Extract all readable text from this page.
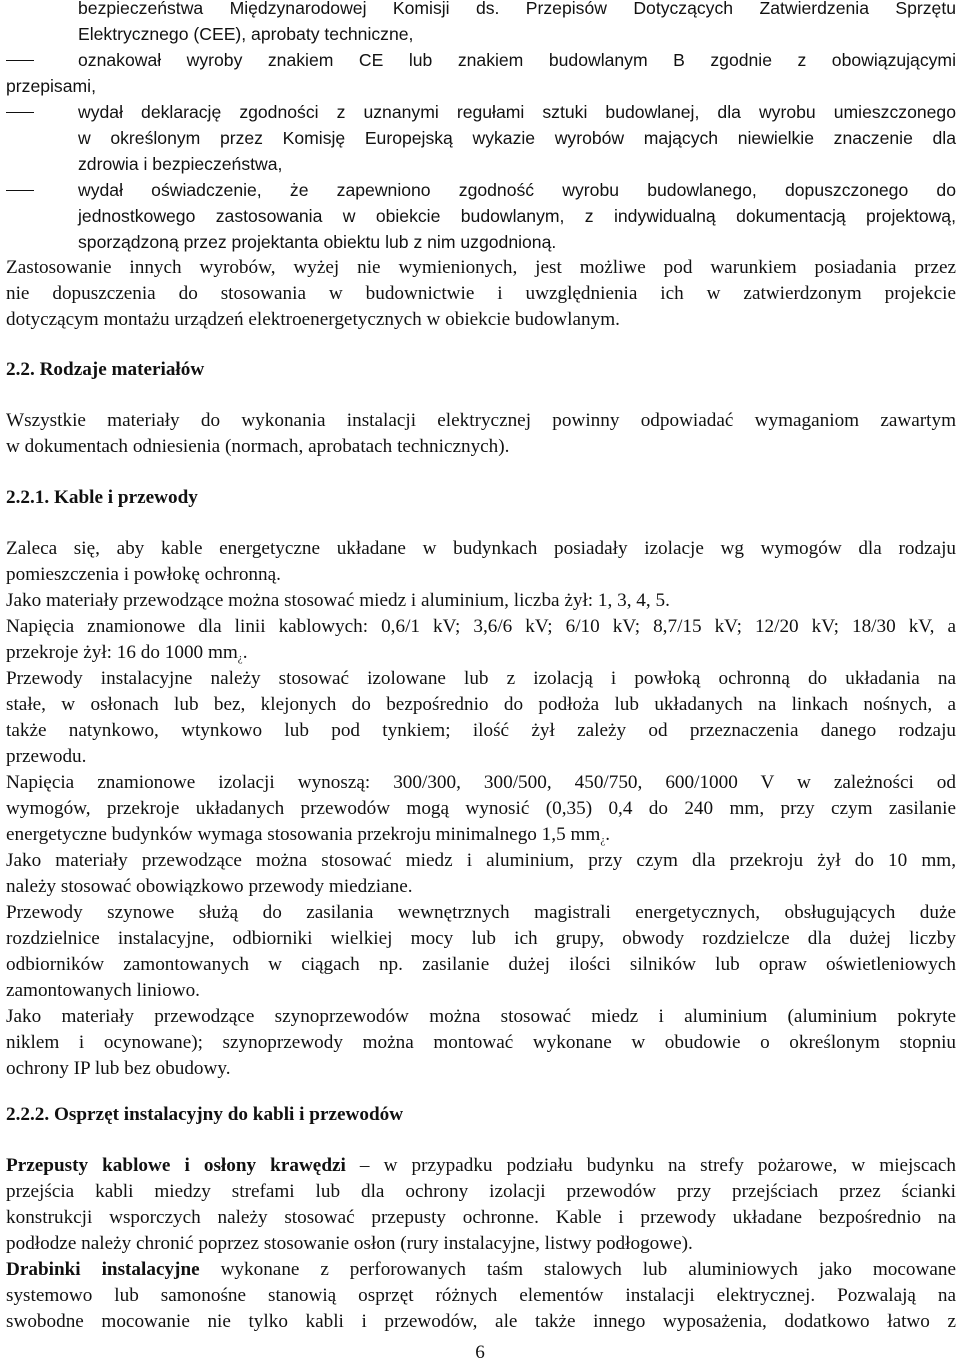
bezpieczeństwa Międzynarodowej Komisji ds. Przepisów Dotyczących Zatwierdzenia Sprzętu

Elektrycznego (CEE), aprobaty techniczne,

oznakował wyroby znakiem CE lub znakiem budowlanym B zgodnie z obowiązującymi

przepisami,

wydał deklarację zgodności z uznanymi regułami sztuki budowlanej, dla wyrobu umieszczonego

w określonym przez Komisję Europejską wykazie wyrobów mających niewielkie znaczenie dla

zdrowia i bezpieczeństwa,

wydał oświadczenie, że zapewniono zgodność wyrobu budowlanego, dopuszczonego do

jednostkowego zastosowania w obiekcie budowlanym, z indywidualną dokumentacją projektową,

sporządzoną przez projektanta obiektu lub z nim uzgodnioną.

Zastosowanie innych wyrobów, wyżej nie wymienionych, jest możliwe pod warunkiem posiadania przez

nie dopuszczenia do stosowania w budownictwie i uwzględnienia ich w zatwierdzonym projekcie

dotyczącym montażu urządzeń elektroenergetycznych w obiekcie budowlanym.

2.2. Rodzaje materiałów

Wszystkie materiały do wykonania instalacji elektrycznej powinny odpowiadać wymaganiom zawartym

w dokumentach odniesienia (normach, aprobatach technicznych).

2.2.1. Kable i przewody

Zaleca się, aby kable energetyczne układane w budynkach posiadały izolacje wg wymogów dla rodzaju

pomieszczenia i powłokę ochronną.

Jako materiały przewodzące można stosować miedz i aluminium, liczba żył: 1, 3, 4, 5.

Napięcia znamionowe dla linii kablowych: 0,6/1 kV; 3,6/6 kV; 6/10 kV; 8,7/15 kV; 12/20 kV; 18/30 kV, a

przekroje żył: 16 do 1000 mm¿.

Przewody instalacyjne należy stosować izolowane lub z izolacją i powłoką ochronną do układania na

stałe, w osłonach lub bez, klejonych do bezpośrednio do podłoża lub układanych na linkach nośnych, a

także natynkowo, wtynkowo lub pod tynkiem; ilość żył zależy od przeznaczenia danego rodzaju

przewodu.

Napięcia znamionowe izolacji wynoszą: 300/300, 300/500, 450/750, 600/1000 V w zależności od

wymogów, przekroje układanych przewodów mogą wynosić (0,35) 0,4 do 240 mm, przy czym zasilanie

energetyczne budynków wymaga stosowania przekroju minimalnego 1,5 mm¿.

Jako materiały przewodzące można stosować miedz i aluminium, przy czym dla przekroju żył do 10 mm,

należy stosować obowiązkowo przewody miedziane.

Przewody szynowe służą do zasilania wewnętrznych magistrali energetycznych, obsługujących duże

rozdzielnice instalacyjne, odbiorniki wielkiej mocy lub ich grupy, obwody rozdzielcze dla dużej liczby

odbiorników zamontowanych w ciągach np. zasilanie dużej ilości silników lub opraw oświetleniowych

zamontowanych liniowo.

Jako materiały przewodzące szynoprzewodów można stosować miedz i aluminium (aluminium pokryte

niklem i ocynowane); szynoprzewody można montować wykonane w obudowie o określonym stopniu

ochrony IP lub bez obudowy.

2.2.2. Osprzęt instalacyjny do kabli i przewodów

Przepusty kablowe i osłony krawędzi – w przypadku podziału budynku na strefy pożarowe, w miejscach

przejścia kabli miedzy strefami lub dla ochrony izolacji przewodów przy przejściach przez ścianki

konstrukcji wsporczych należy stosować przepusty ochronne. Kable i przewody układane bezpośrednio na

podłodze należy chronić poprzez stosowanie osłon (rury instalacyjne, listwy podłogowe).

Drabinki instalacyjne wykonane z perforowanych taśm stalowych lub aluminiowych jako mocowane

systemowo lub samonośne stanowią osprzęt różnych elementów instalacji elektrycznej. Pozwalają na

swobodne mocowanie nie tylko kabli i przewodów, ale także innego wyposażenia, dodatkowo łatwo z

6
